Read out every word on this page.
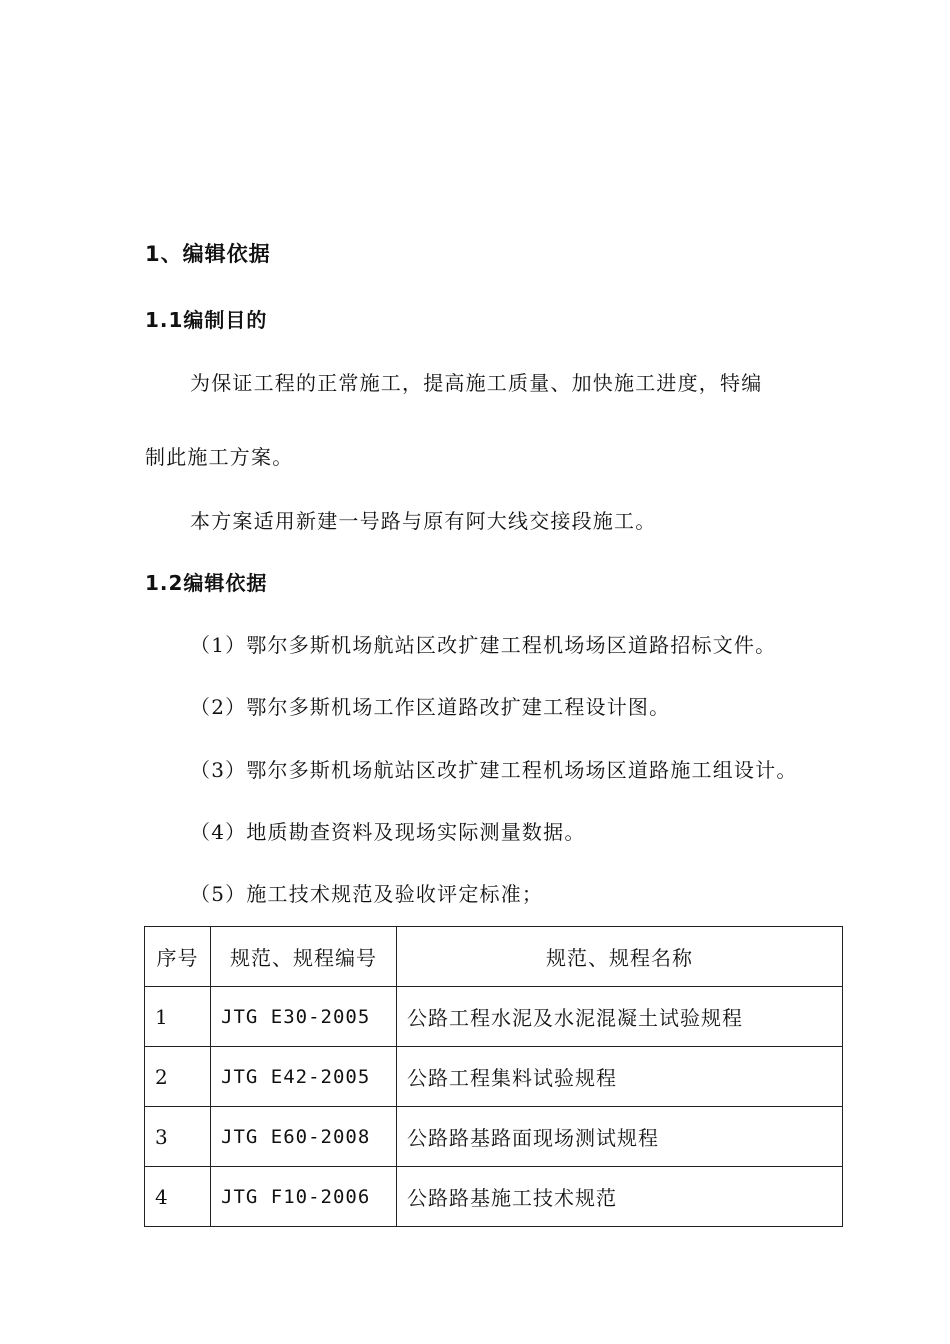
1、编辑依据
1.1编制目的
为保证工程的正常施工，提高施工质量、加快施工进度，特编
制此施工方案。
本方案适用新建一号路与原有阿大线交接段施工。
1.2编辑依据
（1）鄂尔多斯机场航站区改扩建工程机场场区道路招标文件。
（2）鄂尔多斯机场工作区道路改扩建工程设计图。
（3）鄂尔多斯机场航站区改扩建工程机场场区道路施工组设计。
（4）地质勘查资料及现场实际测量数据。
（5）施工技术规范及验收评定标准；
序号	规范、规程编号	规范、规程名称
1	JTG E30-2005	公路工程水泥及水泥混凝土试验规程
2	JTG E42-2005	公路工程集料试验规程
3	JTG E60-2008	公路路基路面现场测试规程
4	JTG F10-2006	公路路基施工技术规范
